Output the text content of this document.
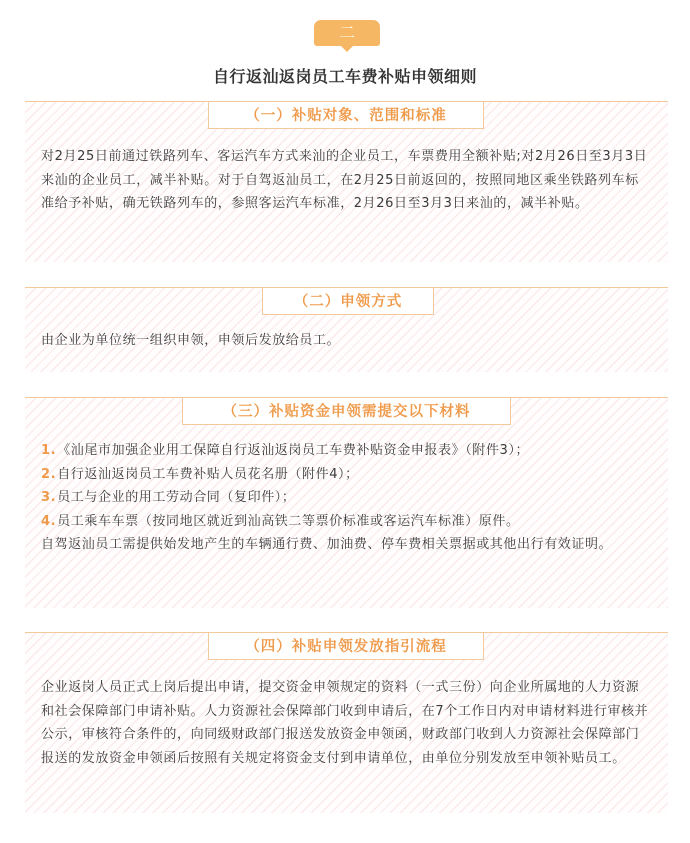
二
自行返汕返岗员工车费补贴申领细则
（一）补贴对象、范围和标准

对2月25日前通过铁路列车、客运汽车方式来汕的企业员工，车票费用全额补贴;对2月26日至3月3日来汕的企业员工，减半补贴。对于自驾返汕员工，在2月25日前返回的，按照同地区乘坐铁路列车标准给予补贴，确无铁路列车的，参照客运汽车标准，2月26日至3月3日来汕的，减半补贴。

（二）申领方式

由企业为单位统一组织申领，申领后发放给员工。

（三）补贴资金申领需提交以下材料
1.《汕尾市加强企业用工保障自行返汕返岗员工车费补贴资金申报表》（附件3）；
2.自行返汕返岗员工车费补贴人员花名册（附件4）；
3.员工与企业的用工劳动合同（复印件）；
4.员工乘车车票（按同地区就近到汕高铁二等票价标准或客运汽车标准）原件。

自驾返汕员工需提供始发地产生的车辆通行费、加油费、停车费相关票据或其他出行有效证明。

（四）补贴申领发放指引流程

企业返岗人员正式上岗后提出申请，提交资金申领规定的资料（一式三份）向企业所属地的人力资源和社会保障部门申请补贴。人力资源社会保障部门收到申请后，在7个工作日内对申请材料进行审核并公示，审核符合条件的，向同级财政部门报送发放资金申领函，财政部门收到人力资源社会保障部门报送的发放资金申领函后按照有关规定将资金支付到申请单位，由单位分别发放至申领补贴员工。
